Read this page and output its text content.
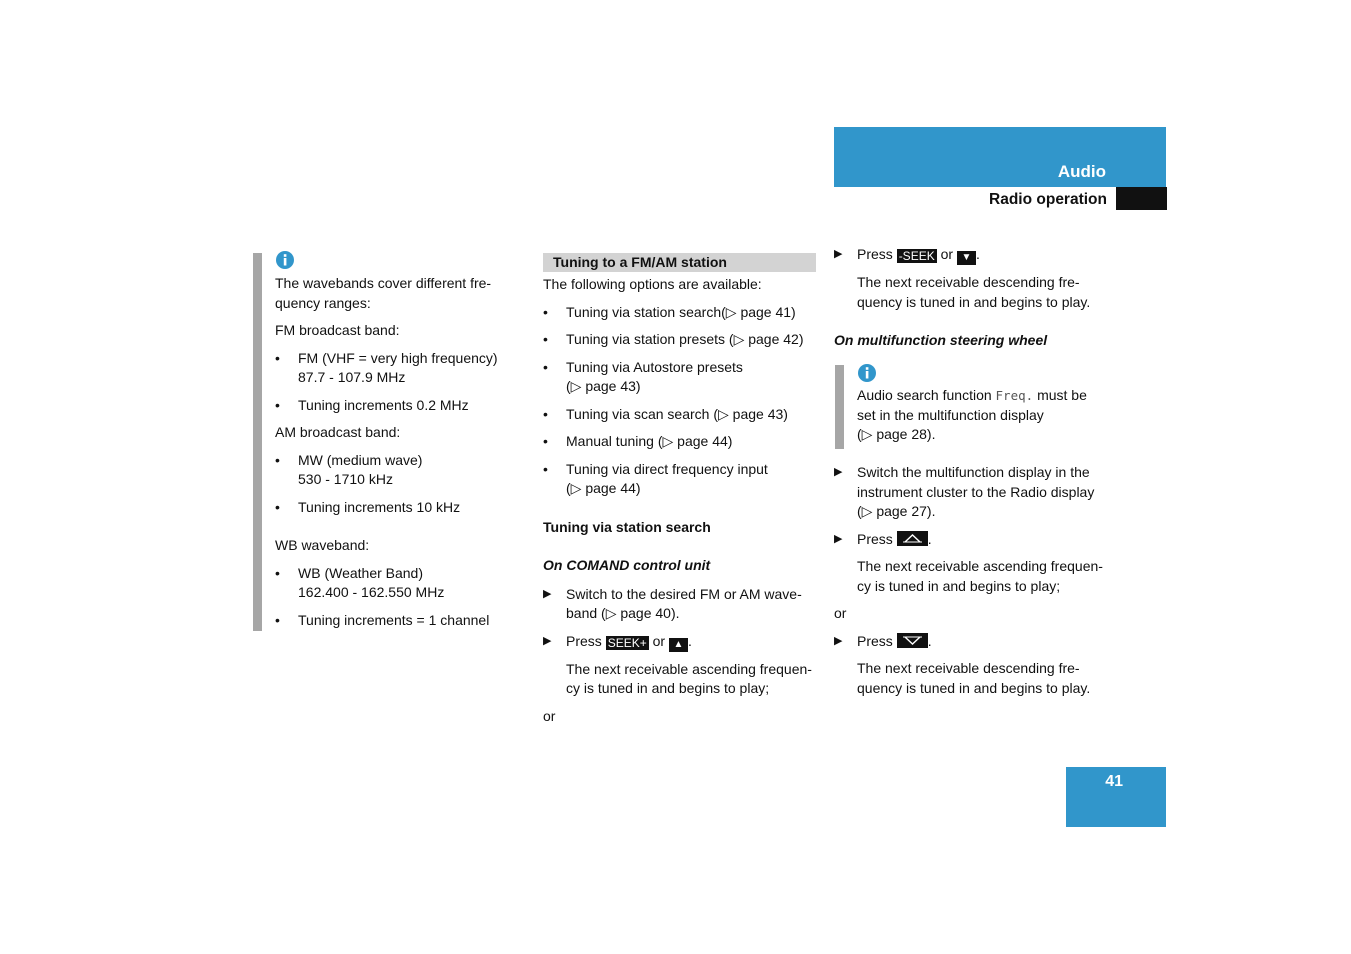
Audio
Radio operation

The wavebands cover different fre-quency ranges:

FM broadcast band:

• FM (VHF = very high frequency)
87.7 - 107.9 MHz
• Tuning increments 0.2 MHz

AM broadcast band:

• MW (medium wave)
530 - 1710 kHz
• Tuning increments 10 kHz

WB waveband:

• WB (Weather Band)
162.400 - 162.550 MHz
• Tuning increments = 1 channel
Tuning to a FM/AM station

The following options are available:

• Tuning via station search(▷ page 41)
• Tuning via station presets (▷ page 42)
• Tuning via Autostore presets
(▷ page 43)
• Tuning via scan search (▷ page 43)
• Manual tuning (▷ page 44)
• Tuning via direct frequency input
(▷ page 44)

Tuning via station search

On COMAND control unit

▶ Switch to the desired FM or AM wave-
band (▷ page 40).
▶ Press SEEK+ or ▲ .
The next receivable ascending frequen-
cy is tuned in and begins to play;

or

▶ Press -SEEK or ▼ .
The next receivable descending fre-
quency is tuned in and begins to play.

On multifunction steering wheel

Audio search function Freq. must be
set in the multifunction display
(▷ page 28).
▶ Switch the multifunction display in the
instrument cluster to the Radio display
(▷ page 27).
▶ Press .
The next receivable ascending frequen-
cy is tuned in and begins to play;

or

▶ Press .
The next receivable descending fre-
quency is tuned in and begins to play.
41
